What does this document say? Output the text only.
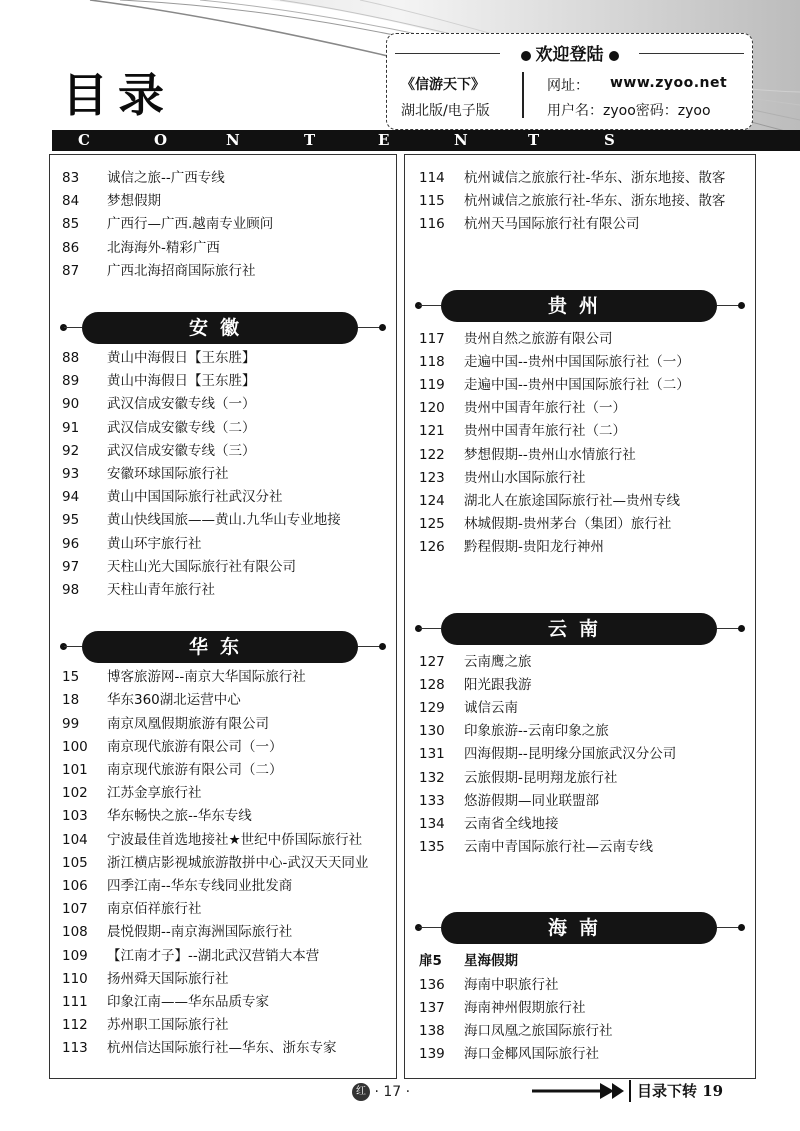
目录
C	O	N	T	E	N	T	S
欢迎登陆
《信游天下》
湖北版/电子版
网址： www.zyoo.net
用户名：zyoo密码：zyoo
83 诚信之旅--广西专线
84 梦想假期
85 广西行—广西.越南专业顾问
86 北海海外-精彩广西
87 广西北海招商国际旅行社
安徽
88 黄山中海假日【王东胜】
89 黄山中海假日【王东胜】
90 武汉信成安徽专线（一）
91 武汉信成安徽专线（二）
92 武汉信成安徽专线（三）
93 安徽环球国际旅行社
94 黄山中国国际旅行社武汉分社
95 黄山快线国旅——黄山.九华山专业地接
96 黄山环宇旅行社
97 天柱山光大国际旅行社有限公司
98 天柱山青年旅行社
华东
15 博客旅游网--南京大华国际旅行社
18 华东360湖北运营中心
99 南京凤凰假期旅游有限公司
100 南京现代旅游有限公司（一）
101 南京现代旅游有限公司（二）
102 江苏金享旅行社
103 华东畅快之旅--华东专线
104 宁波最佳首选地接社★世纪中侨国际旅行社
105 浙江横店影视城旅游散拼中心-武汉天天同业
106 四季江南--华东专线同业批发商
107 南京佰祥旅行社
108 晨悦假期--南京海洲国际旅行社
109 【江南才子】--湖北武汉营销大本营
110 扬州舜天国际旅行社
111 印象江南——华东品质专家
112 苏州职工国际旅行社
113 杭州信达国际旅行社—华东、浙东专家
114 杭州诚信之旅旅行社-华东、浙东地接、散客
115 杭州诚信之旅旅行社-华东、浙东地接、散客
116 杭州天马国际旅行社有限公司
贵州
117 贵州自然之旅游有限公司
118 走遍中国--贵州中国国际旅行社（一）
119 走遍中国--贵州中国国际旅行社（二）
120 贵州中国青年旅行社（一）
121 贵州中国青年旅行社（二）
122 梦想假期--贵州山水情旅行社
123 贵州山水国际旅行社
124 湖北人在旅途国际旅行社—贵州专线
125 林城假期-贵州茅台（集团）旅行社
126 黔程假期-贵阳龙行神州
云南
127 云南鹰之旅
128 阳光跟我游
129 诚信云南
130 印象旅游--云南印象之旅
131 四海假期--昆明缘分国旅武汉分公司
132 云旅假期-昆明翔龙旅行社
133 悠游假期—同业联盟部
134 云南省全线地接
135 云南中青国际旅行社—云南专线
海南
扉5 星海假期
136 海南中职旅行社
137 海南神州假期旅行社
138 海口凤凰之旅国际旅行社
139 海口金椰风国际旅行社
红 · 17 ·	目录下转 19
